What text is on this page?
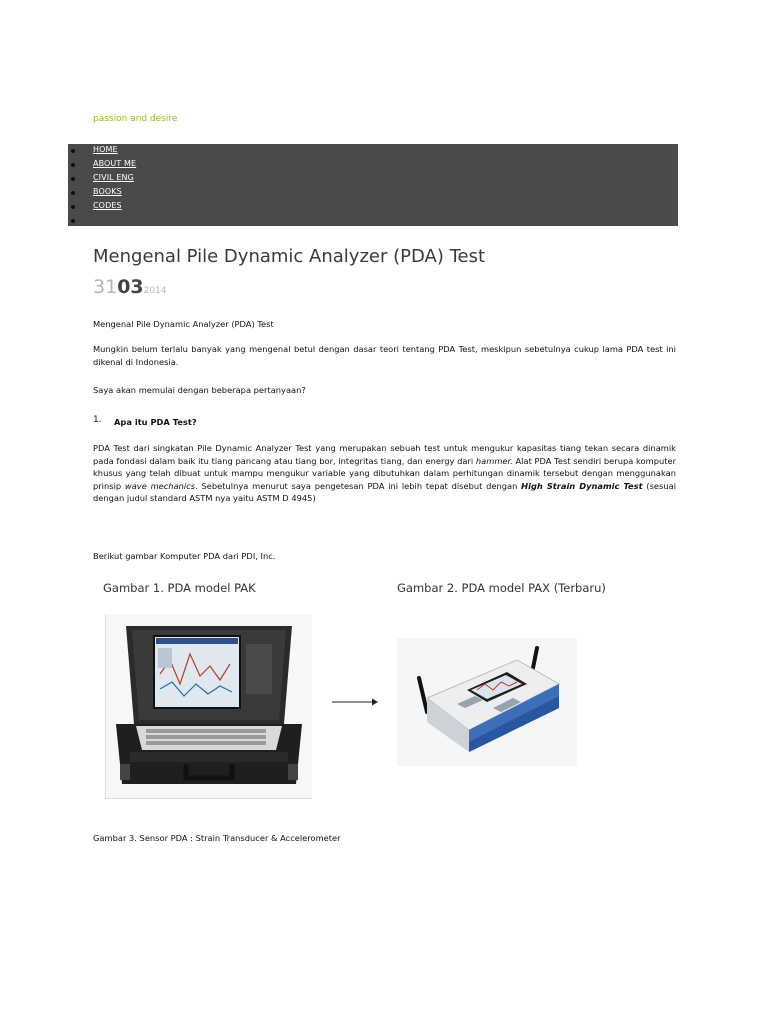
passion and desire
HOME
ABOUT ME
CIVIL ENG
BOOKS
CODES
Mengenal Pile Dynamic Analyzer (PDA) Test
31032014
Mengenal Pile Dynamic Analyzer (PDA) Test
Mungkin belum terlalu banyak yang mengenal betul dengan dasar teori tentang PDA Test, meskipun sebetulnya cukup lama PDA test ini dikenal di Indonesia.
Saya akan memulai dengan beberapa pertanyaan?
1. Apa itu PDA Test?
PDA Test dari singkatan Pile Dynamic Analyzer Test yang merupakan sebuah test untuk mengukur kapasitas tiang tekan secara dinamik pada fondasi dalam baik itu tiang pancang atau tiang bor, integritas tiang, dan energy dari hammer. Alat PDA Test sendiri berupa komputer khusus yang telah dibuat untuk mampu mengukur variable yang dibutuhkan dalam perhitungan dinamik tersebut dengan menggunakan prinsip wave mechanics. Sebetulnya menurut saya pengetesan PDA ini lebih tepat disebut dengan High Strain Dynamic Test (sesuai dengan judul standard ASTM nya yaitu ASTM D 4945)
Berikut gambar Komputer PDA dari PDI, Inc.
Gambar 1. PDA model PAK	Gambar 2. PDA model PAX (Terbaru)
Gambar 3. Sensor PDA : Strain Transducer & Accelerometer
